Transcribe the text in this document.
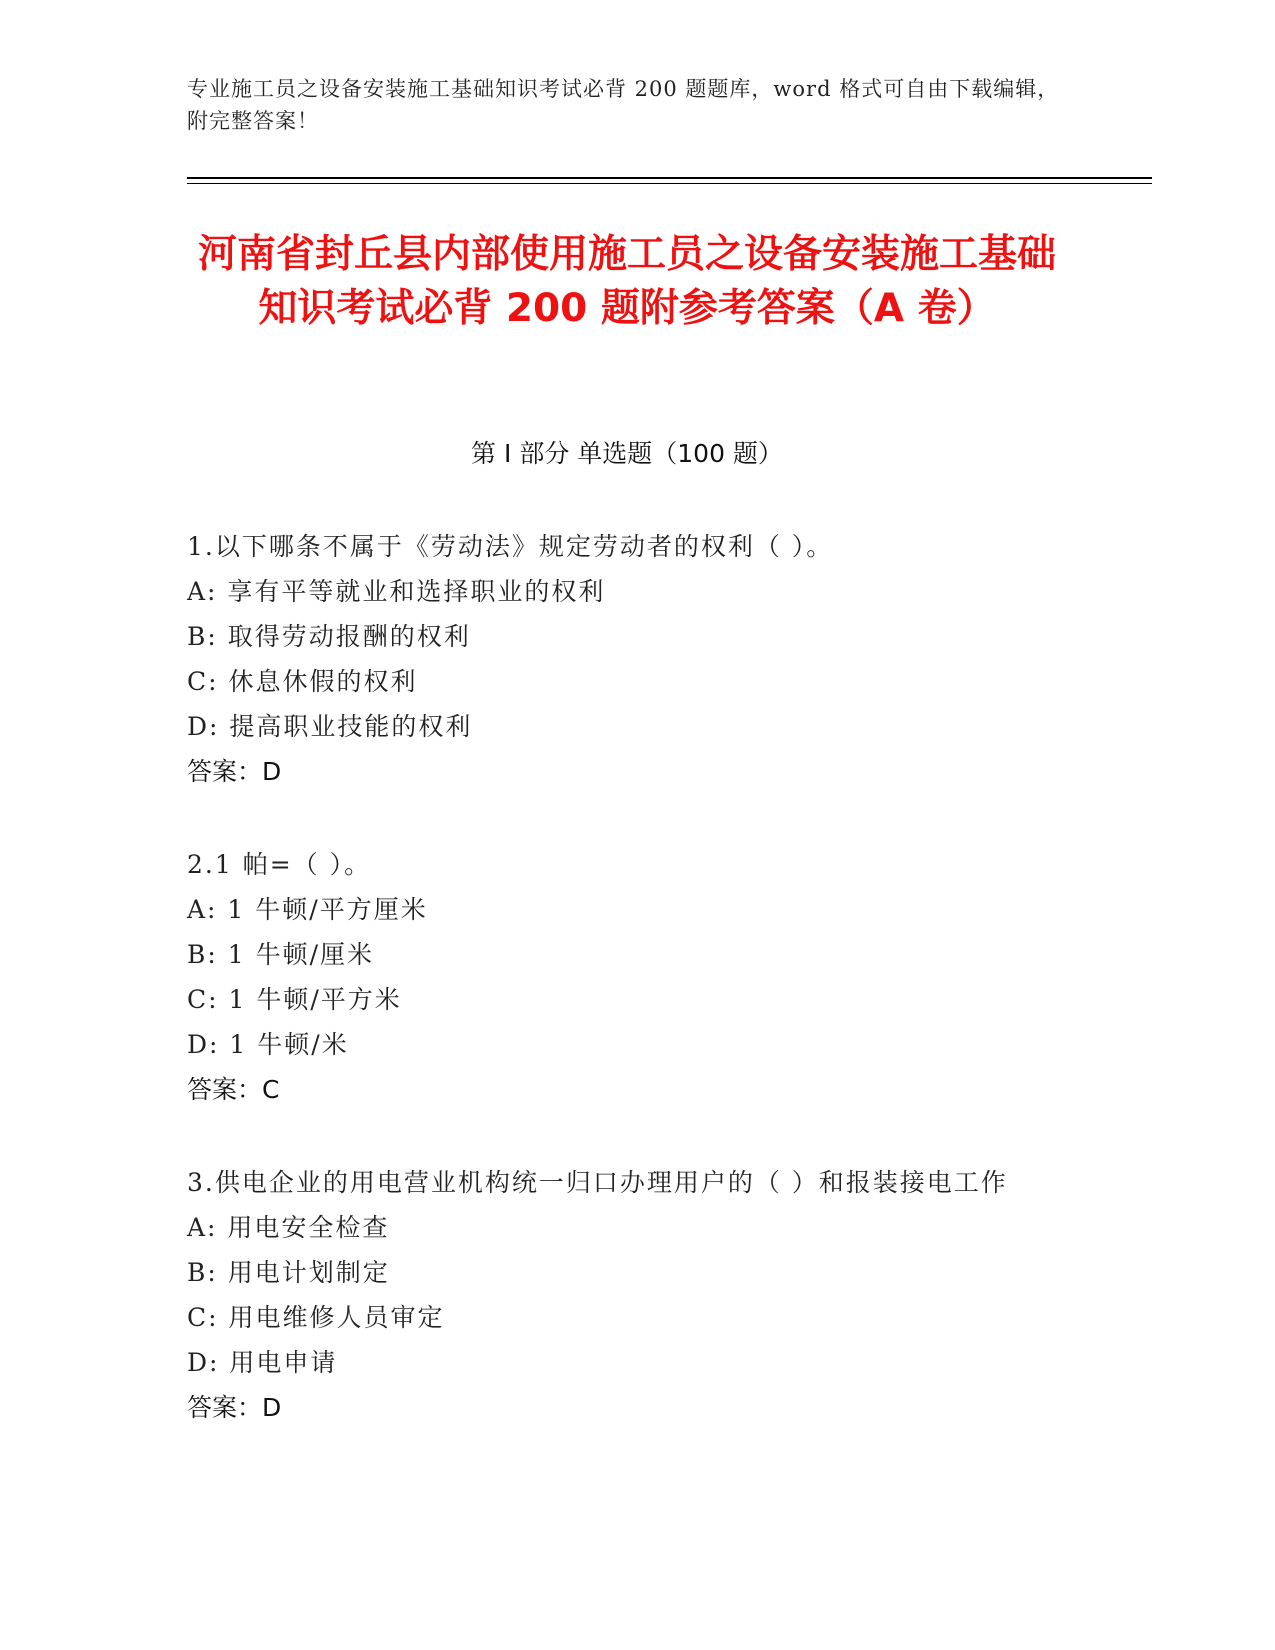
专业施工员之设备安装施工基础知识考试必背 200 题题库，word 格式可自由下载编辑，附完整答案！
河南省封丘县内部使用施工员之设备安装施工基础知识考试必背 200 题附参考答案（A 卷）
第 I 部分 单选题（100 题）
1.以下哪条不属于《劳动法》规定劳动者的权利（ ）。
A: 享有平等就业和选择职业的权利
B: 取得劳动报酬的权利
C: 休息休假的权利
D: 提高职业技能的权利
答案：D
2.1 帕=（ ）。
A: 1 牛顿/平方厘米
B: 1 牛顿/厘米
C: 1 牛顿/平方米
D: 1 牛顿/米
答案：C
3.供电企业的用电营业机构统一归口办理用户的（ ）和报装接电工作
A: 用电安全检查
B: 用电计划制定
C: 用电维修人员审定
D: 用电申请
答案：D
